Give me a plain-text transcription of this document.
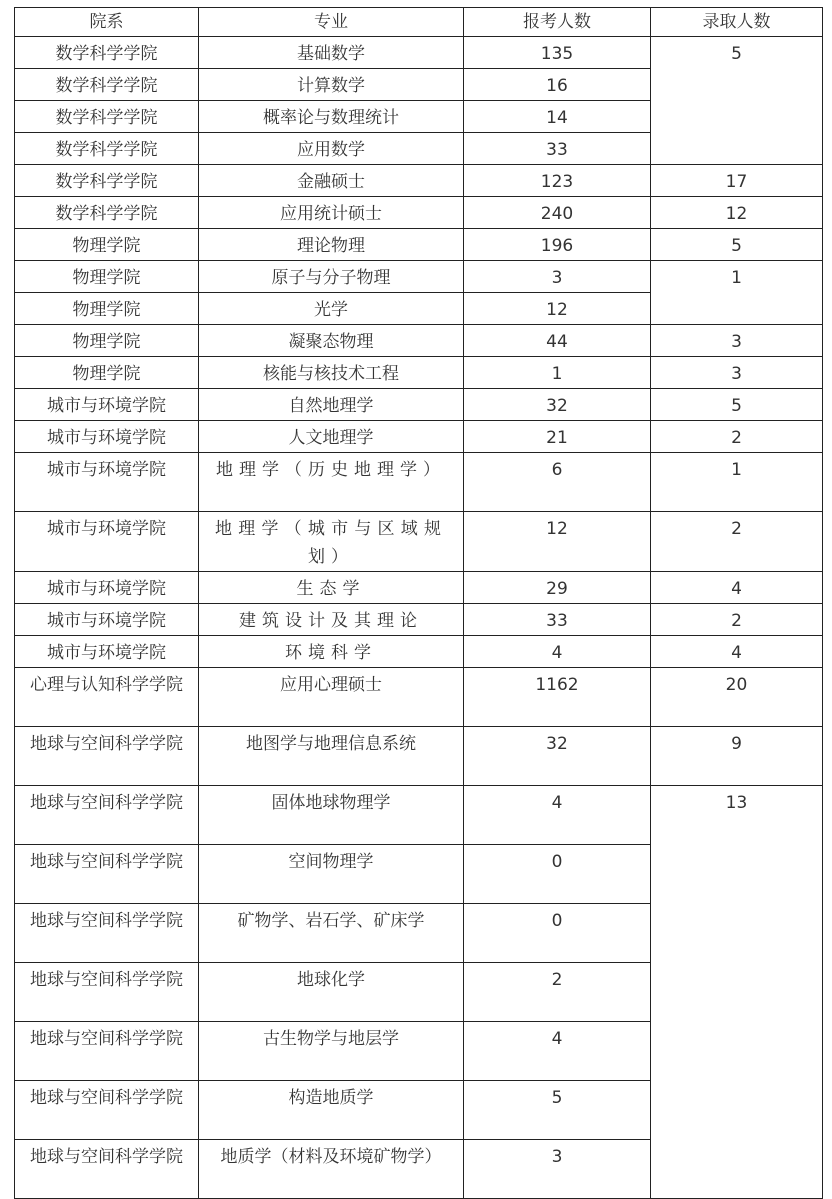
院系	专业	报考人数	录取人数
数学科学学院	基础数学	135	5
数学科学学院	计算数学	16	
数学科学学院	概率论与数理统计	14	
数学科学学院	应用数学	33	
数学科学学院	金融硕士	123	17
数学科学学院	应用统计硕士	240	12
物理学院	理论物理	196	5
物理学院	原子与分子物理	3	1
物理学院	光学	12	
物理学院	凝聚态物理	44	3
物理学院	核能与核技术工程	1	3
城市与环境学院	自然地理学	32	5
城市与环境学院	人文地理学	21	2
城市与环境学院	地理学（历史地理学）	6	1
城市与环境学院	地理学（城市与区域规划）	12	2
城市与环境学院	生态学	29	4
城市与环境学院	建筑设计及其理论	33	2
城市与环境学院	环境科学	4	4
心理与认知科学学院	应用心理硕士	1162	20
地球与空间科学学院	地图学与地理信息系统	32	9
地球与空间科学学院	固体地球物理学	4	13
地球与空间科学学院	空间物理学	0	
地球与空间科学学院	矿物学、岩石学、矿床学	0	
地球与空间科学学院	地球化学	2	
地球与空间科学学院	古生物学与地层学	4	
地球与空间科学学院	构造地质学	5	
地球与空间科学学院	地质学（材料及环境矿物学）	3	
